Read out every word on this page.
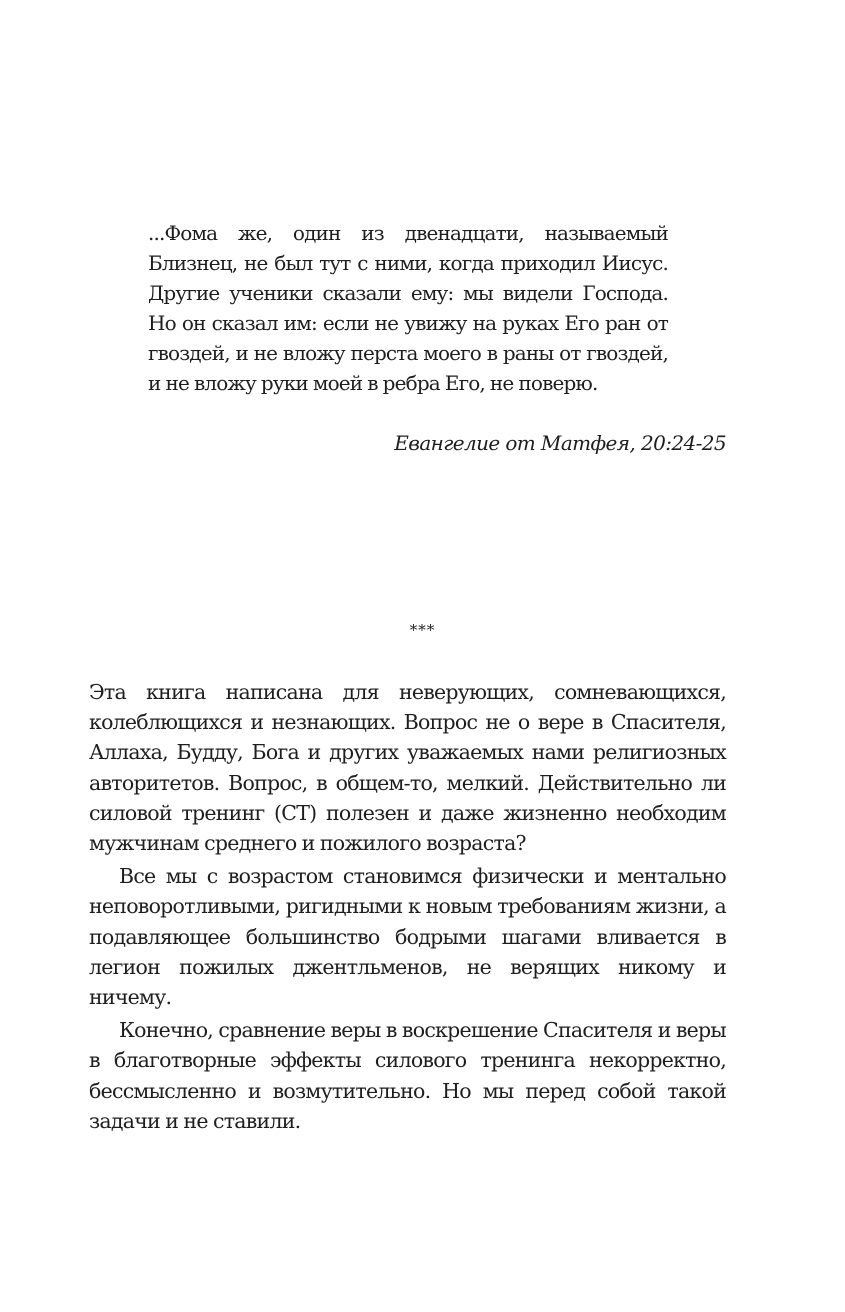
...Фома же, один из двенадцати, называемый Близнец, не был тут с ними, когда приходил Иисус. Другие ученики сказали ему: мы видели Господа. Но он сказал им: если не увижу на руках Его ран от гвоздей, и не вложу перста моего в раны от гвоздей, и не вложу руки моей в ребра Его, не поверю.

Евангелие от Матфея, 20:24-25

***

Эта книга написана для неверующих, сомневающихся, колеблющихся и незнающих. Вопрос не о вере в Спасителя, Аллаха, Будду, Бога и других уважаемых нами религиозных авторитетов. Вопрос, в общем-то, мелкий. Действительно ли силовой тренинг (СТ) полезен и даже жизненно необходим мужчинам среднего и пожилого возраста?

Все мы с возрастом становимся физически и ментально неповоротливыми, ригидными к новым требованиям жизни, а подавляющее большинство бодрыми шагами вливается в легион пожилых джентльменов, не верящих никому и ничему.

Конечно, сравнение веры в воскрешение Спасителя и веры в благотворные эффекты силового тренинга некорректно, бессмысленно и возмутительно. Но мы перед собой такой задачи и не ставили.
